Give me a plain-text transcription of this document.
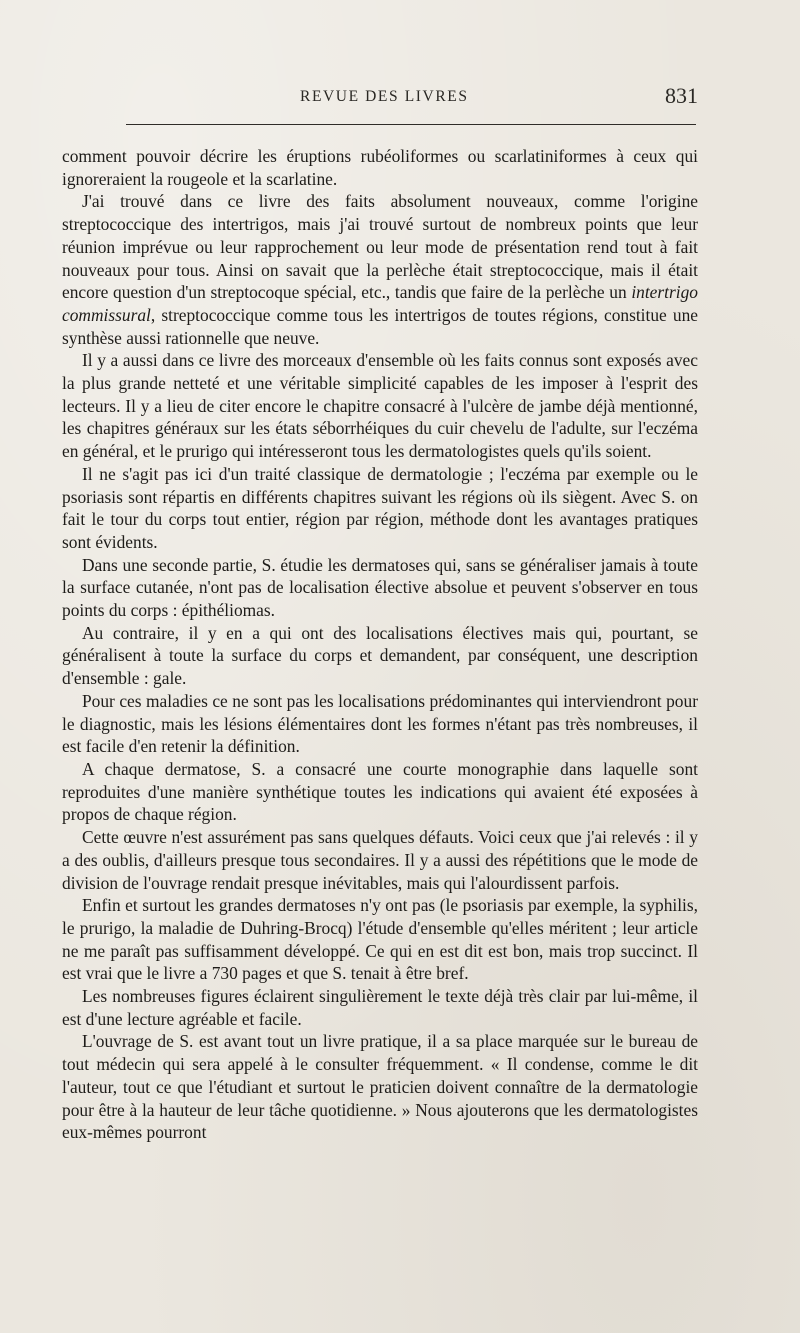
REVUE DES LIVRES	831

comment pouvoir décrire les éruptions rubéoliformes ou scarlatiniformes à ceux qui ignoreraient la rougeole et la scarlatine.

J'ai trouvé dans ce livre des faits absolument nouveaux, comme l'origine streptococcique des intertrigos, mais j'ai trouvé surtout de nombreux points que leur réunion imprévue ou leur rapprochement ou leur mode de présentation rend tout à fait nouveaux pour tous. Ainsi on savait que la perlèche était streptococcique, mais il était encore question d'un streptocoque spécial, etc., tandis que faire de la perlèche un intertrigo commissural, streptococcique comme tous les intertrigos de toutes régions, constitue une synthèse aussi rationnelle que neuve.

Il y a aussi dans ce livre des morceaux d'ensemble où les faits connus sont exposés avec la plus grande netteté et une véritable simplicité capables de les imposer à l'esprit des lecteurs. Il y a lieu de citer encore le chapitre consacré à l'ulcère de jambe déjà mentionné, les chapitres généraux sur les états séborrhéiques du cuir chevelu de l'adulte, sur l'eczéma en général, et le prurigo qui intéresseront tous les dermatologistes quels qu'ils soient.

Il ne s'agit pas ici d'un traité classique de dermatologie ; l'eczéma par exemple ou le psoriasis sont répartis en différents chapitres suivant les régions où ils siègent. Avec S. on fait le tour du corps tout entier, région par région, méthode dont les avantages pratiques sont évidents.

Dans une seconde partie, S. étudie les dermatoses qui, sans se généraliser jamais à toute la surface cutanée, n'ont pas de localisation élective absolue et peuvent s'observer en tous points du corps : épithéliomas.

Au contraire, il y en a qui ont des localisations électives mais qui, pourtant, se généralisent à toute la surface du corps et demandent, par conséquent, une description d'ensemble : gale.

Pour ces maladies ce ne sont pas les localisations prédominantes qui interviendront pour le diagnostic, mais les lésions élémentaires dont les formes n'étant pas très nombreuses, il est facile d'en retenir la définition.

A chaque dermatose, S. a consacré une courte monographie dans laquelle sont reproduites d'une manière synthétique toutes les indications qui avaient été exposées à propos de chaque région.

Cette œuvre n'est assurément pas sans quelques défauts. Voici ceux que j'ai relevés : il y a des oublis, d'ailleurs presque tous secondaires. Il y a aussi des répétitions que le mode de division de l'ouvrage rendait presque inévitables, mais qui l'alourdissent parfois.

Enfin et surtout les grandes dermatoses n'y ont pas (le psoriasis par exemple, la syphilis, le prurigo, la maladie de Duhring-Brocq) l'étude d'ensemble qu'elles méritent ; leur article ne me paraît pas suffisamment développé. Ce qui en est dit est bon, mais trop succinct. Il est vrai que le livre a 730 pages et que S. tenait à être bref.

Les nombreuses figures éclairent singulièrement le texte déjà très clair par lui-même, il est d'une lecture agréable et facile.

L'ouvrage de S. est avant tout un livre pratique, il a sa place marquée sur le bureau de tout médecin qui sera appelé à le consulter fréquemment. « Il condense, comme le dit l'auteur, tout ce que l'étudiant et surtout le praticien doivent connaître de la dermatologie pour être à la hauteur de leur tâche quotidienne. » Nous ajouterons que les dermatologistes eux-mêmes pourront
